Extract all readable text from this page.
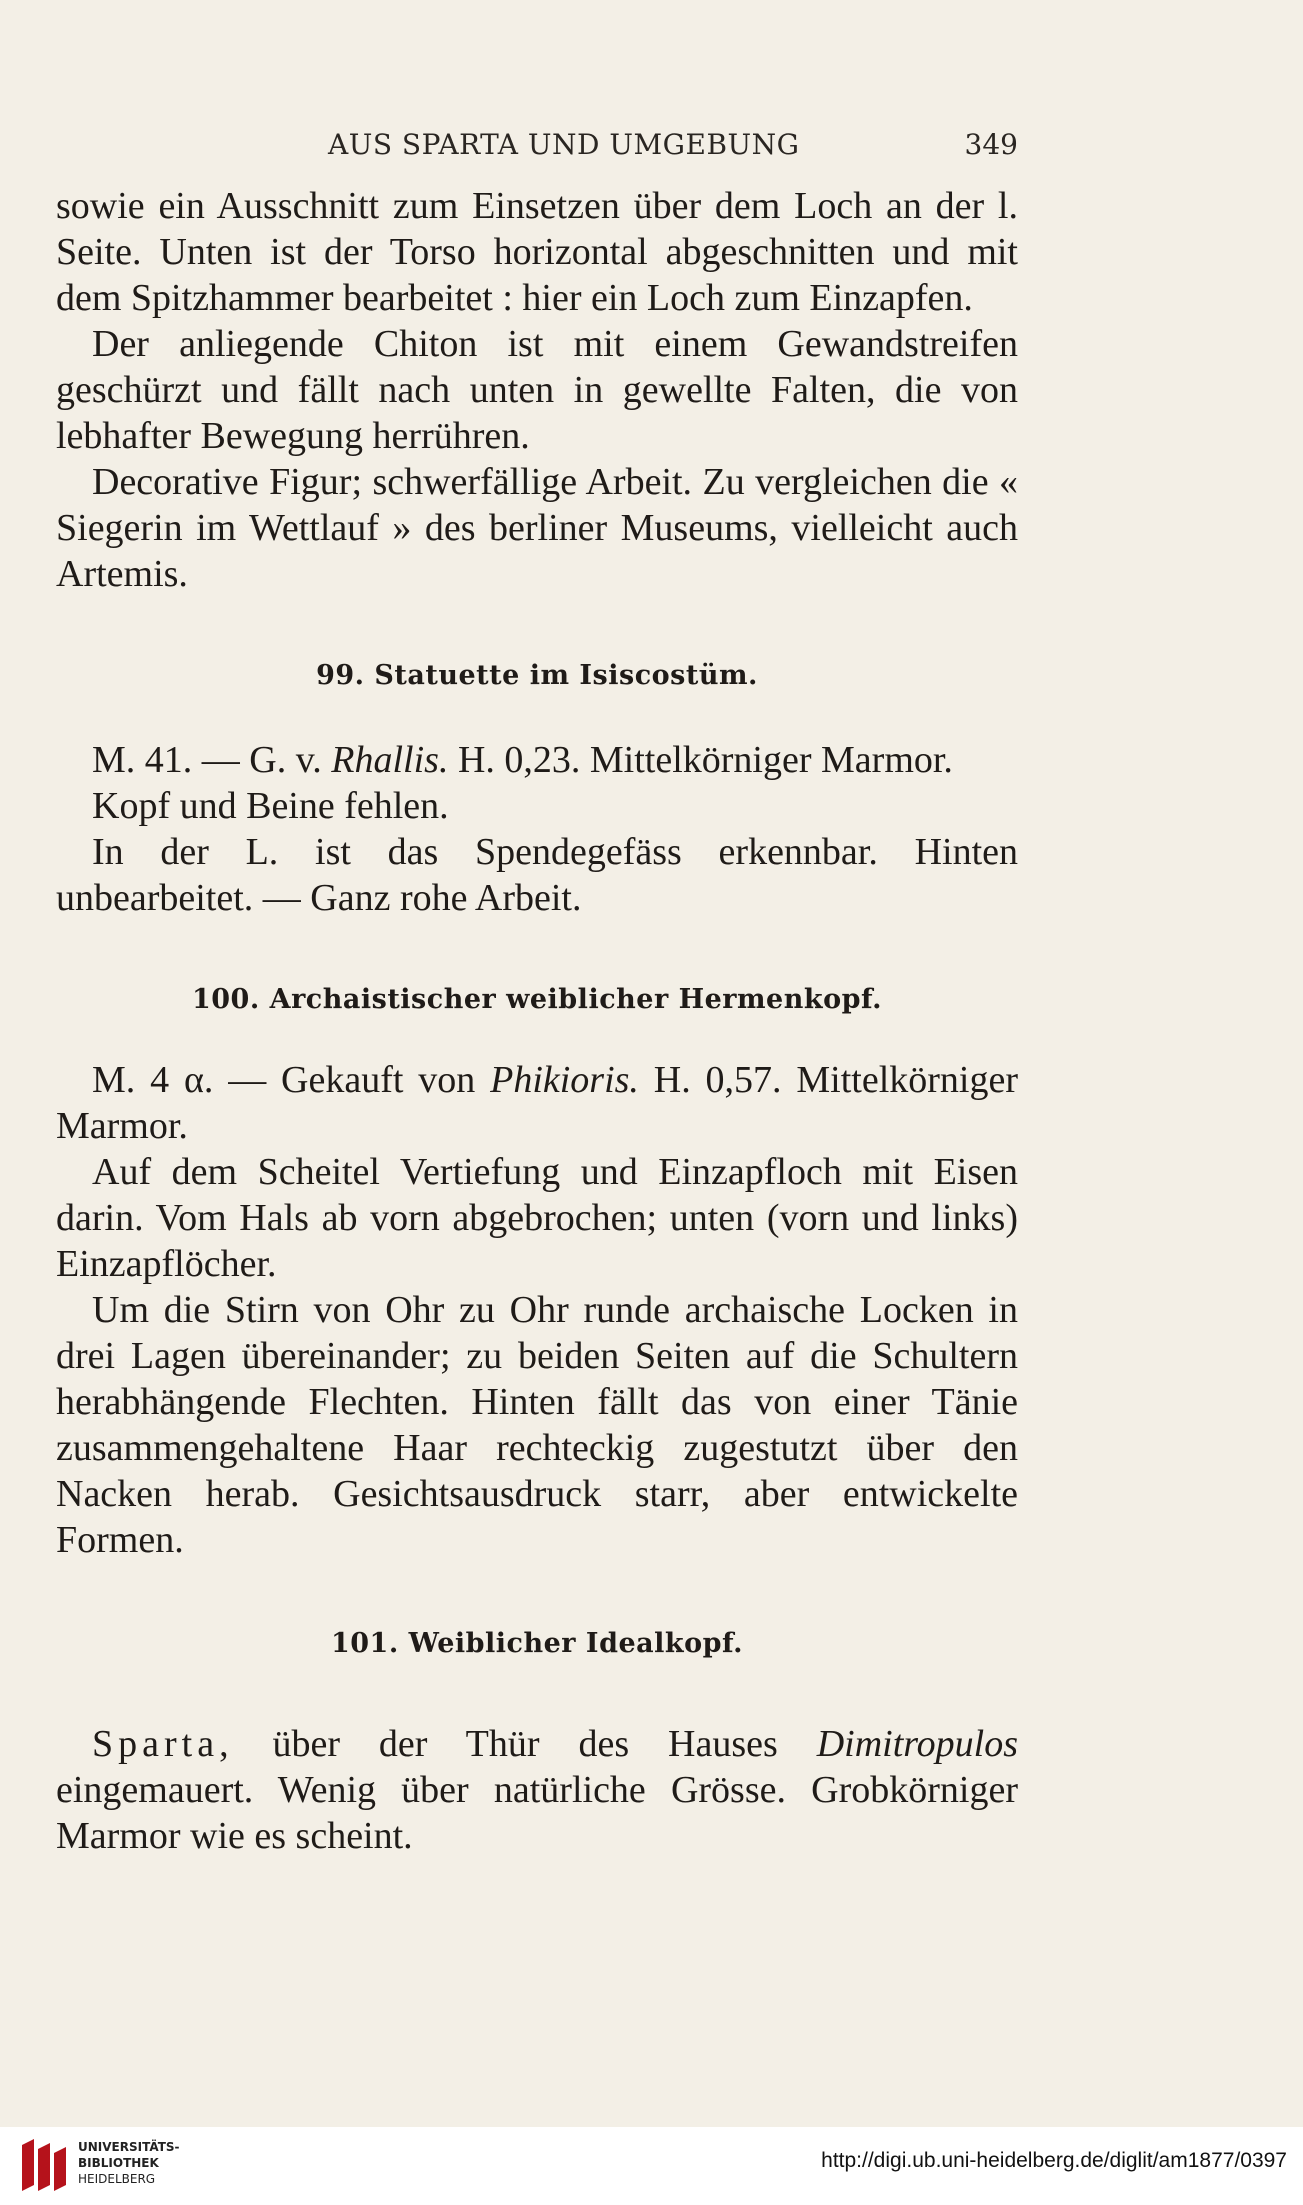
AUS SPARTA UND UMGEBUNG	349

sowie ein Ausschnitt zum Einsetzen über dem Loch an der l. Seite. Unten ist der Torso horizontal abgeschnitten und mit dem Spitzhammer bearbeitet : hier ein Loch zum Einzapfen.

Der anliegende Chiton ist mit einem Gewandstreifen geschürzt und fällt nach unten in gewellte Falten, die von lebhafter Bewegung herrühren.

Decorative Figur; schwerfällige Arbeit. Zu vergleichen die « Siegerin im Wettlauf » des berliner Museums, vielleicht auch Artemis.

99. Statuette im Isiscostüm.

M. 41. — G. v. Rhallis. H. 0,23. Mittelkörniger Marmor.

Kopf und Beine fehlen.

In der L. ist das Spendegefäss erkennbar. Hinten unbearbeitet. — Ganz rohe Arbeit.

100. Archaistischer weiblicher Hermenkopf.

M. 4 α. — Gekauft von Phikioris. H. 0,57. Mittelkörniger Marmor.

Auf dem Scheitel Vertiefung und Einzapfloch mit Eisen darin. Vom Hals ab vorn abgebrochen; unten (vorn und links) Einzapflöcher.

Um die Stirn von Ohr zu Ohr runde archaische Locken in drei Lagen übereinander; zu beiden Seiten auf die Schultern herabhängende Flechten. Hinten fällt das von einer Tänie zusammengehaltene Haar rechteckig zugestutzt über den Nacken herab. Gesichtsausdruck starr, aber entwickelte Formen.

101. Weiblicher Idealkopf.

Sparta, über der Thür des Hauses Dimitropulos eingemauert. Wenig über natürliche Grösse. Grobkörniger Marmor wie es scheint.

UNIVERSITÄTS-
BIBLIOTHEK
HEIDELBERG
http://digi.ub.uni-heidelberg.de/diglit/am1877/0397
